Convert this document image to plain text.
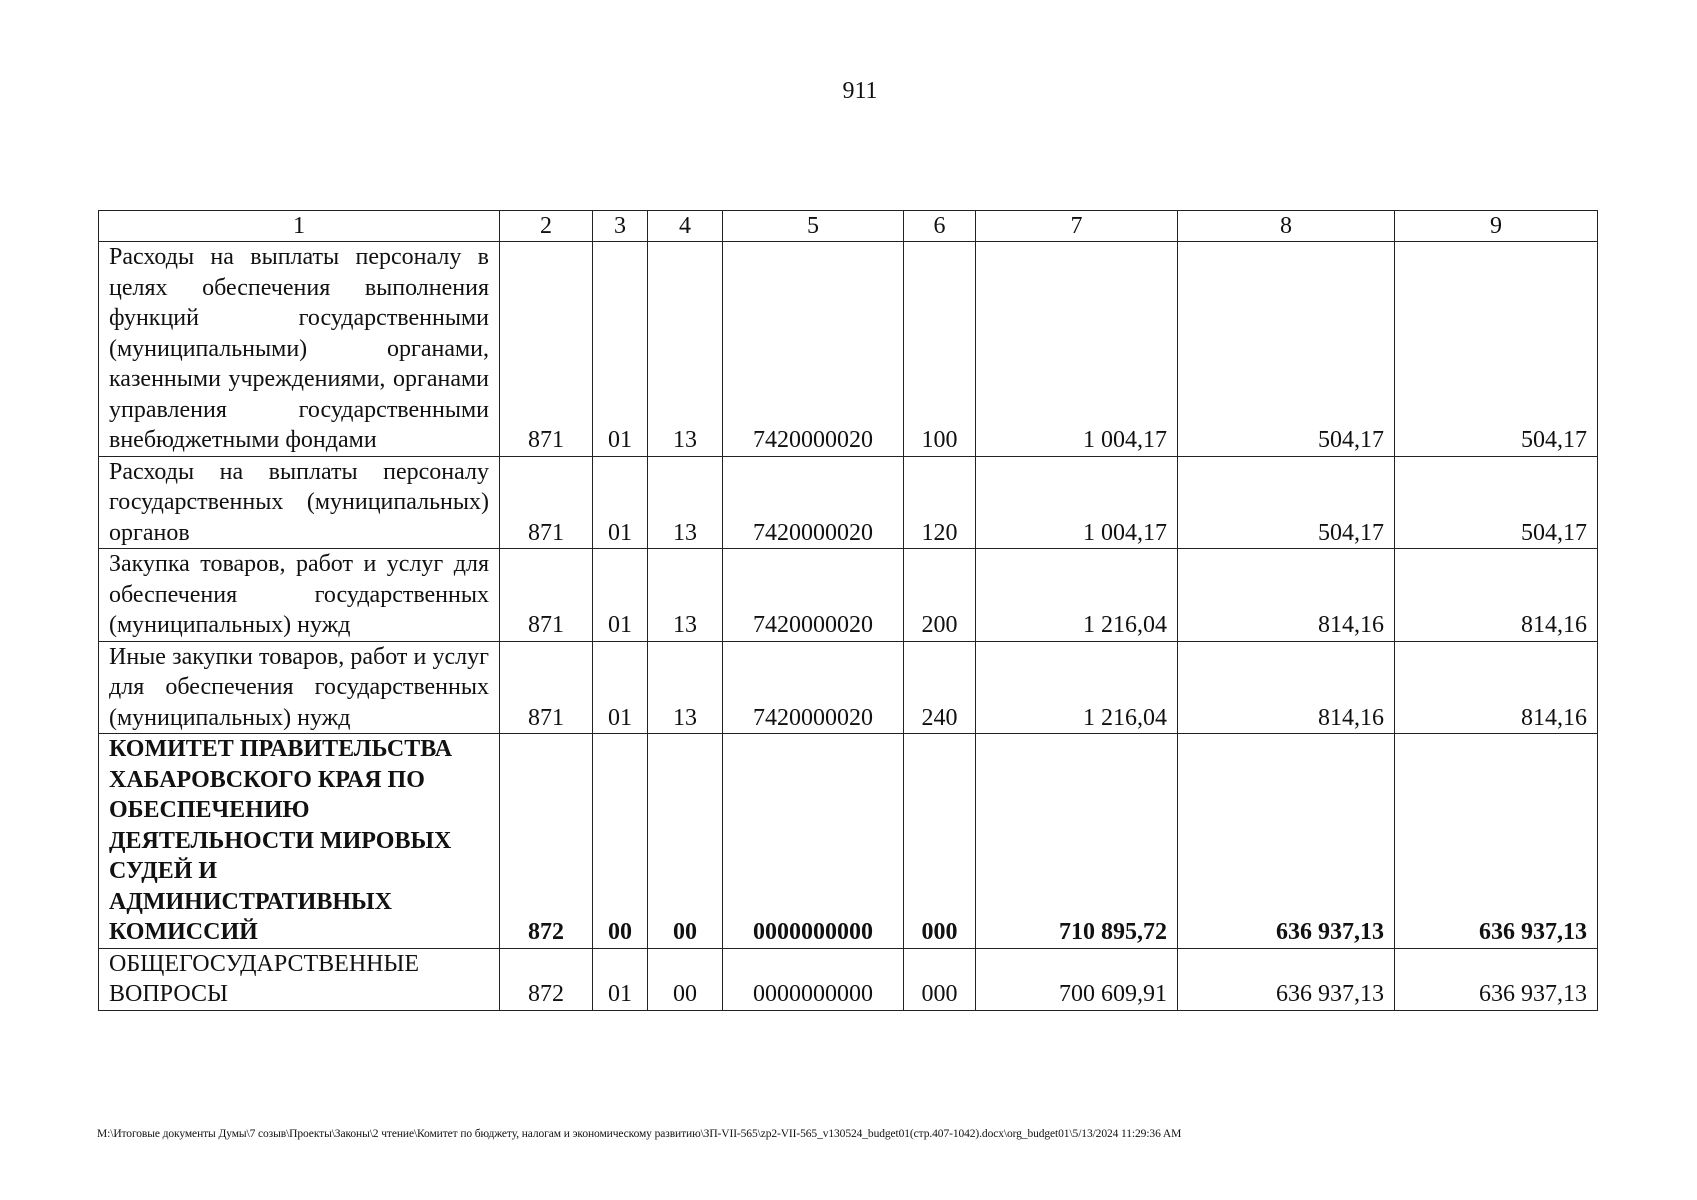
911
1	2	3	4	5	6	7	8	9
Расходы на выплаты персоналу в целях обеспечения выполнения функций государственными (муниципальными) органами, казенными учреждениями, органами управления государственными внебюджетными фондами	871	01	13	7420000020	100	1 004,17	504,17	504,17
Расходы на выплаты персоналу государственных (муниципальных) органов	871	01	13	7420000020	120	1 004,17	504,17	504,17
Закупка товаров, работ и услуг для обеспечения государственных (муниципальных) нужд	871	01	13	7420000020	200	1 216,04	814,16	814,16
Иные закупки товаров, работ и услуг для обеспечения государственных (муниципальных) нужд	871	01	13	7420000020	240	1 216,04	814,16	814,16
КОМИТЕТ ПРАВИТЕЛЬСТВА ХАБАРОВСКОГО КРАЯ ПО ОБЕСПЕЧЕНИЮ ДЕЯТЕЛЬНОСТИ МИРОВЫХ СУДЕЙ И АДМИНИСТРАТИВНЫХ КОМИССИЙ	872	00	00	0000000000	000	710 895,72	636 937,13	636 937,13
ОБЩЕГОСУДАРСТВЕННЫЕ ВОПРОСЫ	872	01	00	0000000000	000	700 609,91	636 937,13	636 937,13
M:\Итоговые документы Думы\7 созыв\Проекты\Законы\2 чтение\Комитет по бюджету, налогам и экономическому развитию\ЗП-VII-565\zp2-VII-565_v130524_budget01(стр.407-1042).docx\org_budget01\5/13/2024 11:29:36 AM
